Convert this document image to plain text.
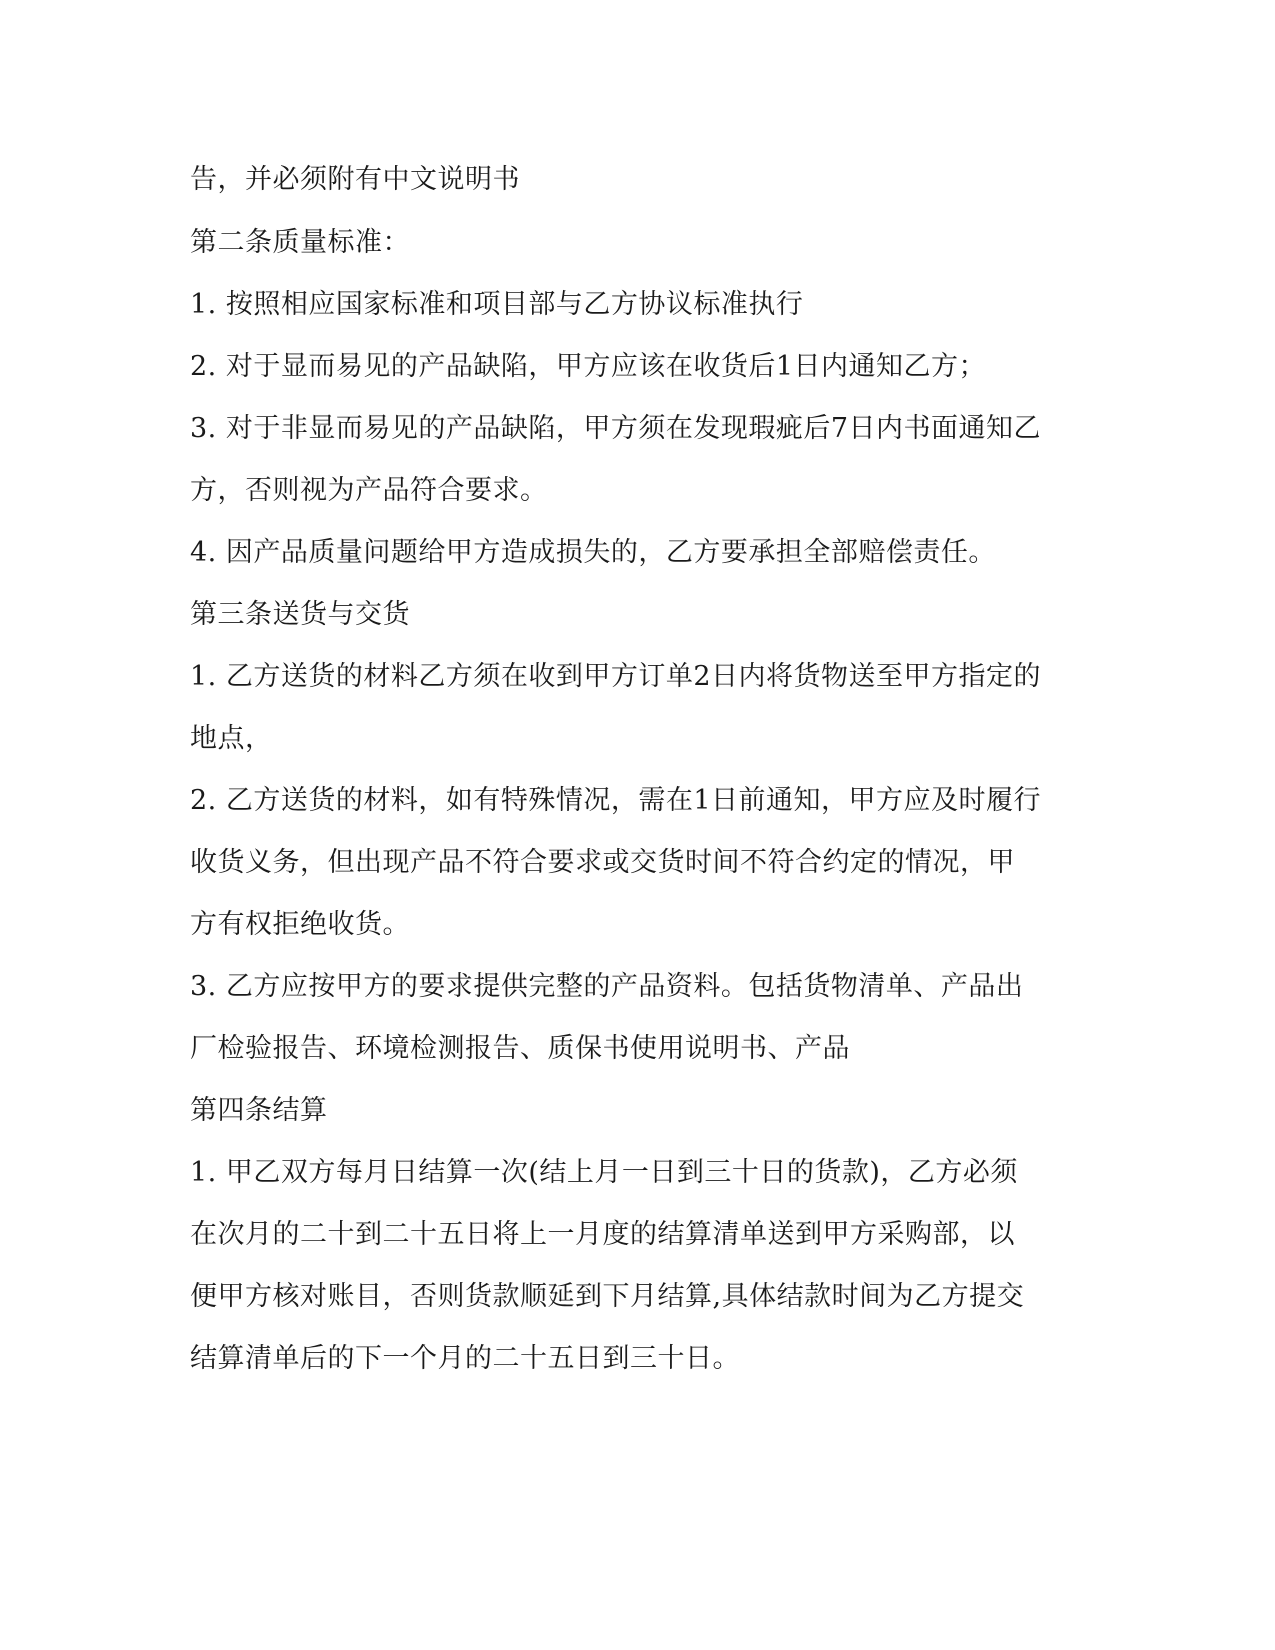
告，并必须附有中文说明书
第二条质量标准：
1. 按照相应国家标准和项目部与乙方协议标准执行
2. 对于显而易见的产品缺陷，甲方应该在收货后1日内通知乙方；
3. 对于非显而易见的产品缺陷，甲方须在发现瑕疵后7日内书面通知乙
方，否则视为产品符合要求。
4. 因产品质量问题给甲方造成损失的，乙方要承担全部赔偿责任。
第三条送货与交货
1. 乙方送货的材料乙方须在收到甲方订单2日内将货物送至甲方指定的
地点，
2. 乙方送货的材料，如有特殊情况，需在1日前通知，甲方应及时履行
收货义务，但出现产品不符合要求或交货时间不符合约定的情况，甲
方有权拒绝收货。
3. 乙方应按甲方的要求提供完整的产品资料。包括货物清单、产品出
厂检验报告、环境检测报告、质保书使用说明书、产品
第四条结算
1. 甲乙双方每月日结算一次(结上月一日到三十日的货款)，乙方必须
在次月的二十到二十五日将上一月度的结算清单送到甲方采购部，以
便甲方核对账目，否则货款顺延到下月结算,具体结款时间为乙方提交
结算清单后的下一个月的二十五日到三十日。
